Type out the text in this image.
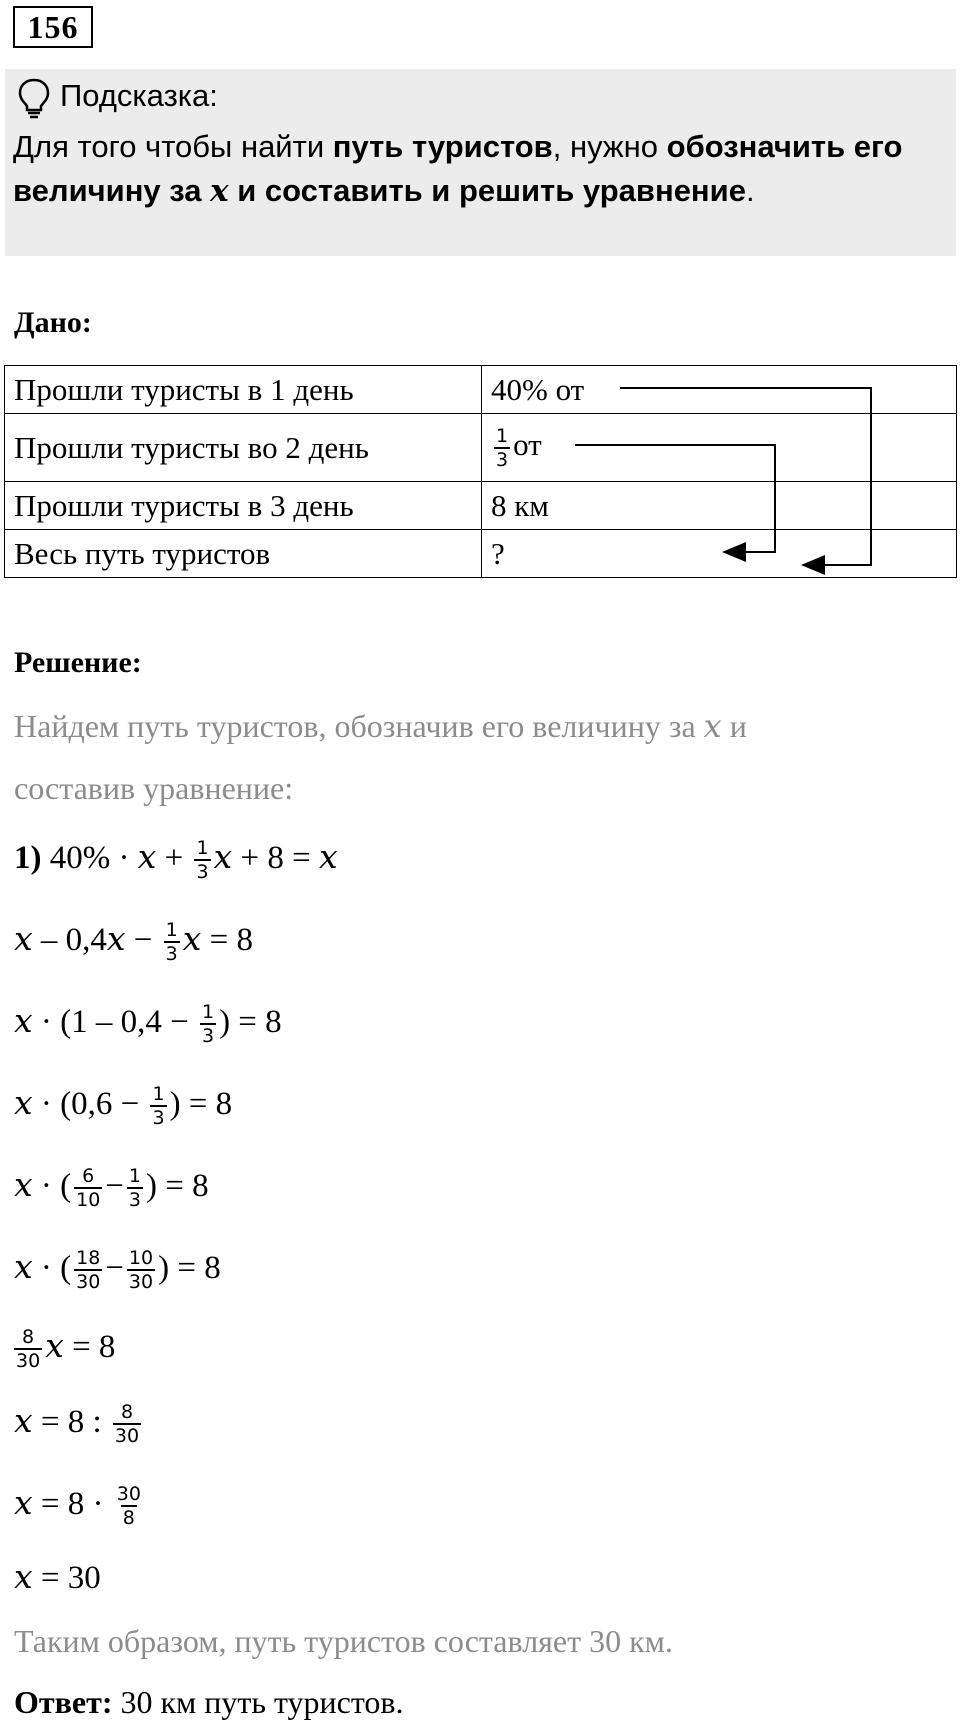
156
Подсказка:
Для того чтобы найти путь туристов, нужно обозначить его
величину за x и составить и решить уравнение.
Дано:
Прошли туристы в 1 день	40% от
Прошли туристы во 2 день	$\frac{1}{3}$ от
Прошли туристы в 3 день	8 км
Весь путь туристов	?
Решение:
Найдем путь туристов, обозначив его величину за x и
составив уравнение:
1) $40\% \cdot x + \frac{1}{3}$ x + 8 = x
$x - 0,4x - \frac{1}{3}$ x = 8
$x \cdot (1 - 0,4 - \frac{1}{3}$ ) = 8
$x \cdot (0,6 - \frac{1}{3}$ ) = 8
x · ( $\frac{6}{10} - \frac{1}{3}$ ) = 8
x · ( $\frac{18}{30} - \frac{10}{30}$ ) = 8
$\frac{8}{30}$ x = 8
x = 8 : $\frac{8}{30}$
$x = 8 \cdot \frac{30}{8}$
x = 30
Таким образом, путь туристов составляет 30 км.
Ответ: 30 км путь туристов.
